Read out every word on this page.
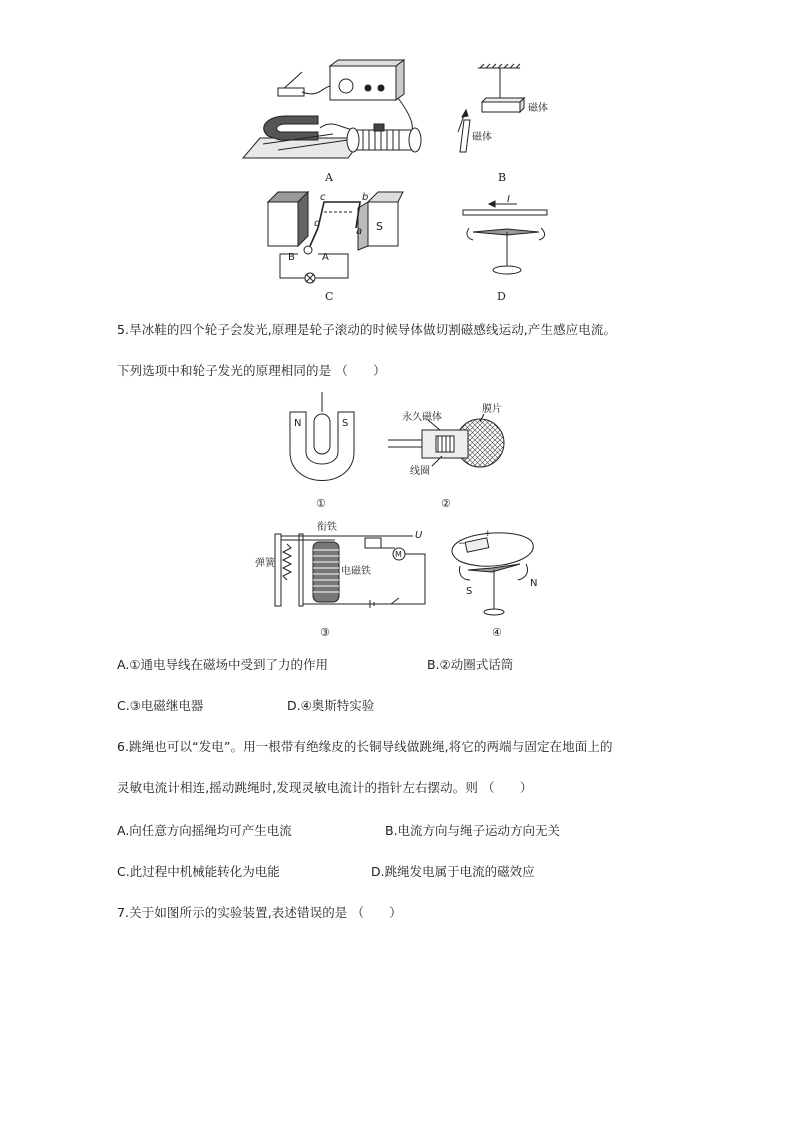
A
磁体
磁体
B
N	S
a
b
c
d
A
B
C
I
D
5.旱冰鞋的四个轮子会发光,原理是轮子滚动的时候导体做切割磁感线运动,产生感应电流。
下列选项中和轮子发光的原理相同的是 （　　）
N	S
①
永久磁体
膜片
线圈
②
衔铁
弹簧
电磁铁
U
M
③
+
−
S
N
④
A.①通电导线在磁场中受到了力的作用	B.②动圈式话筒
C.③电磁继电器	D.④奥斯特实验
6.跳绳也可以“发电”。用一根带有绝缘皮的长铜导线做跳绳,将它的两端与固定在地面上的
灵敏电流计相连,摇动跳绳时,发现灵敏电流计的指针左右摆动。则 （　　）
A.向任意方向摇绳均可产生电流	B.电流方向与绳子运动方向无关
C.此过程中机械能转化为电能	D.跳绳发电属于电流的磁效应
7.关于如图所示的实验装置,表述错误的是 （　　）
